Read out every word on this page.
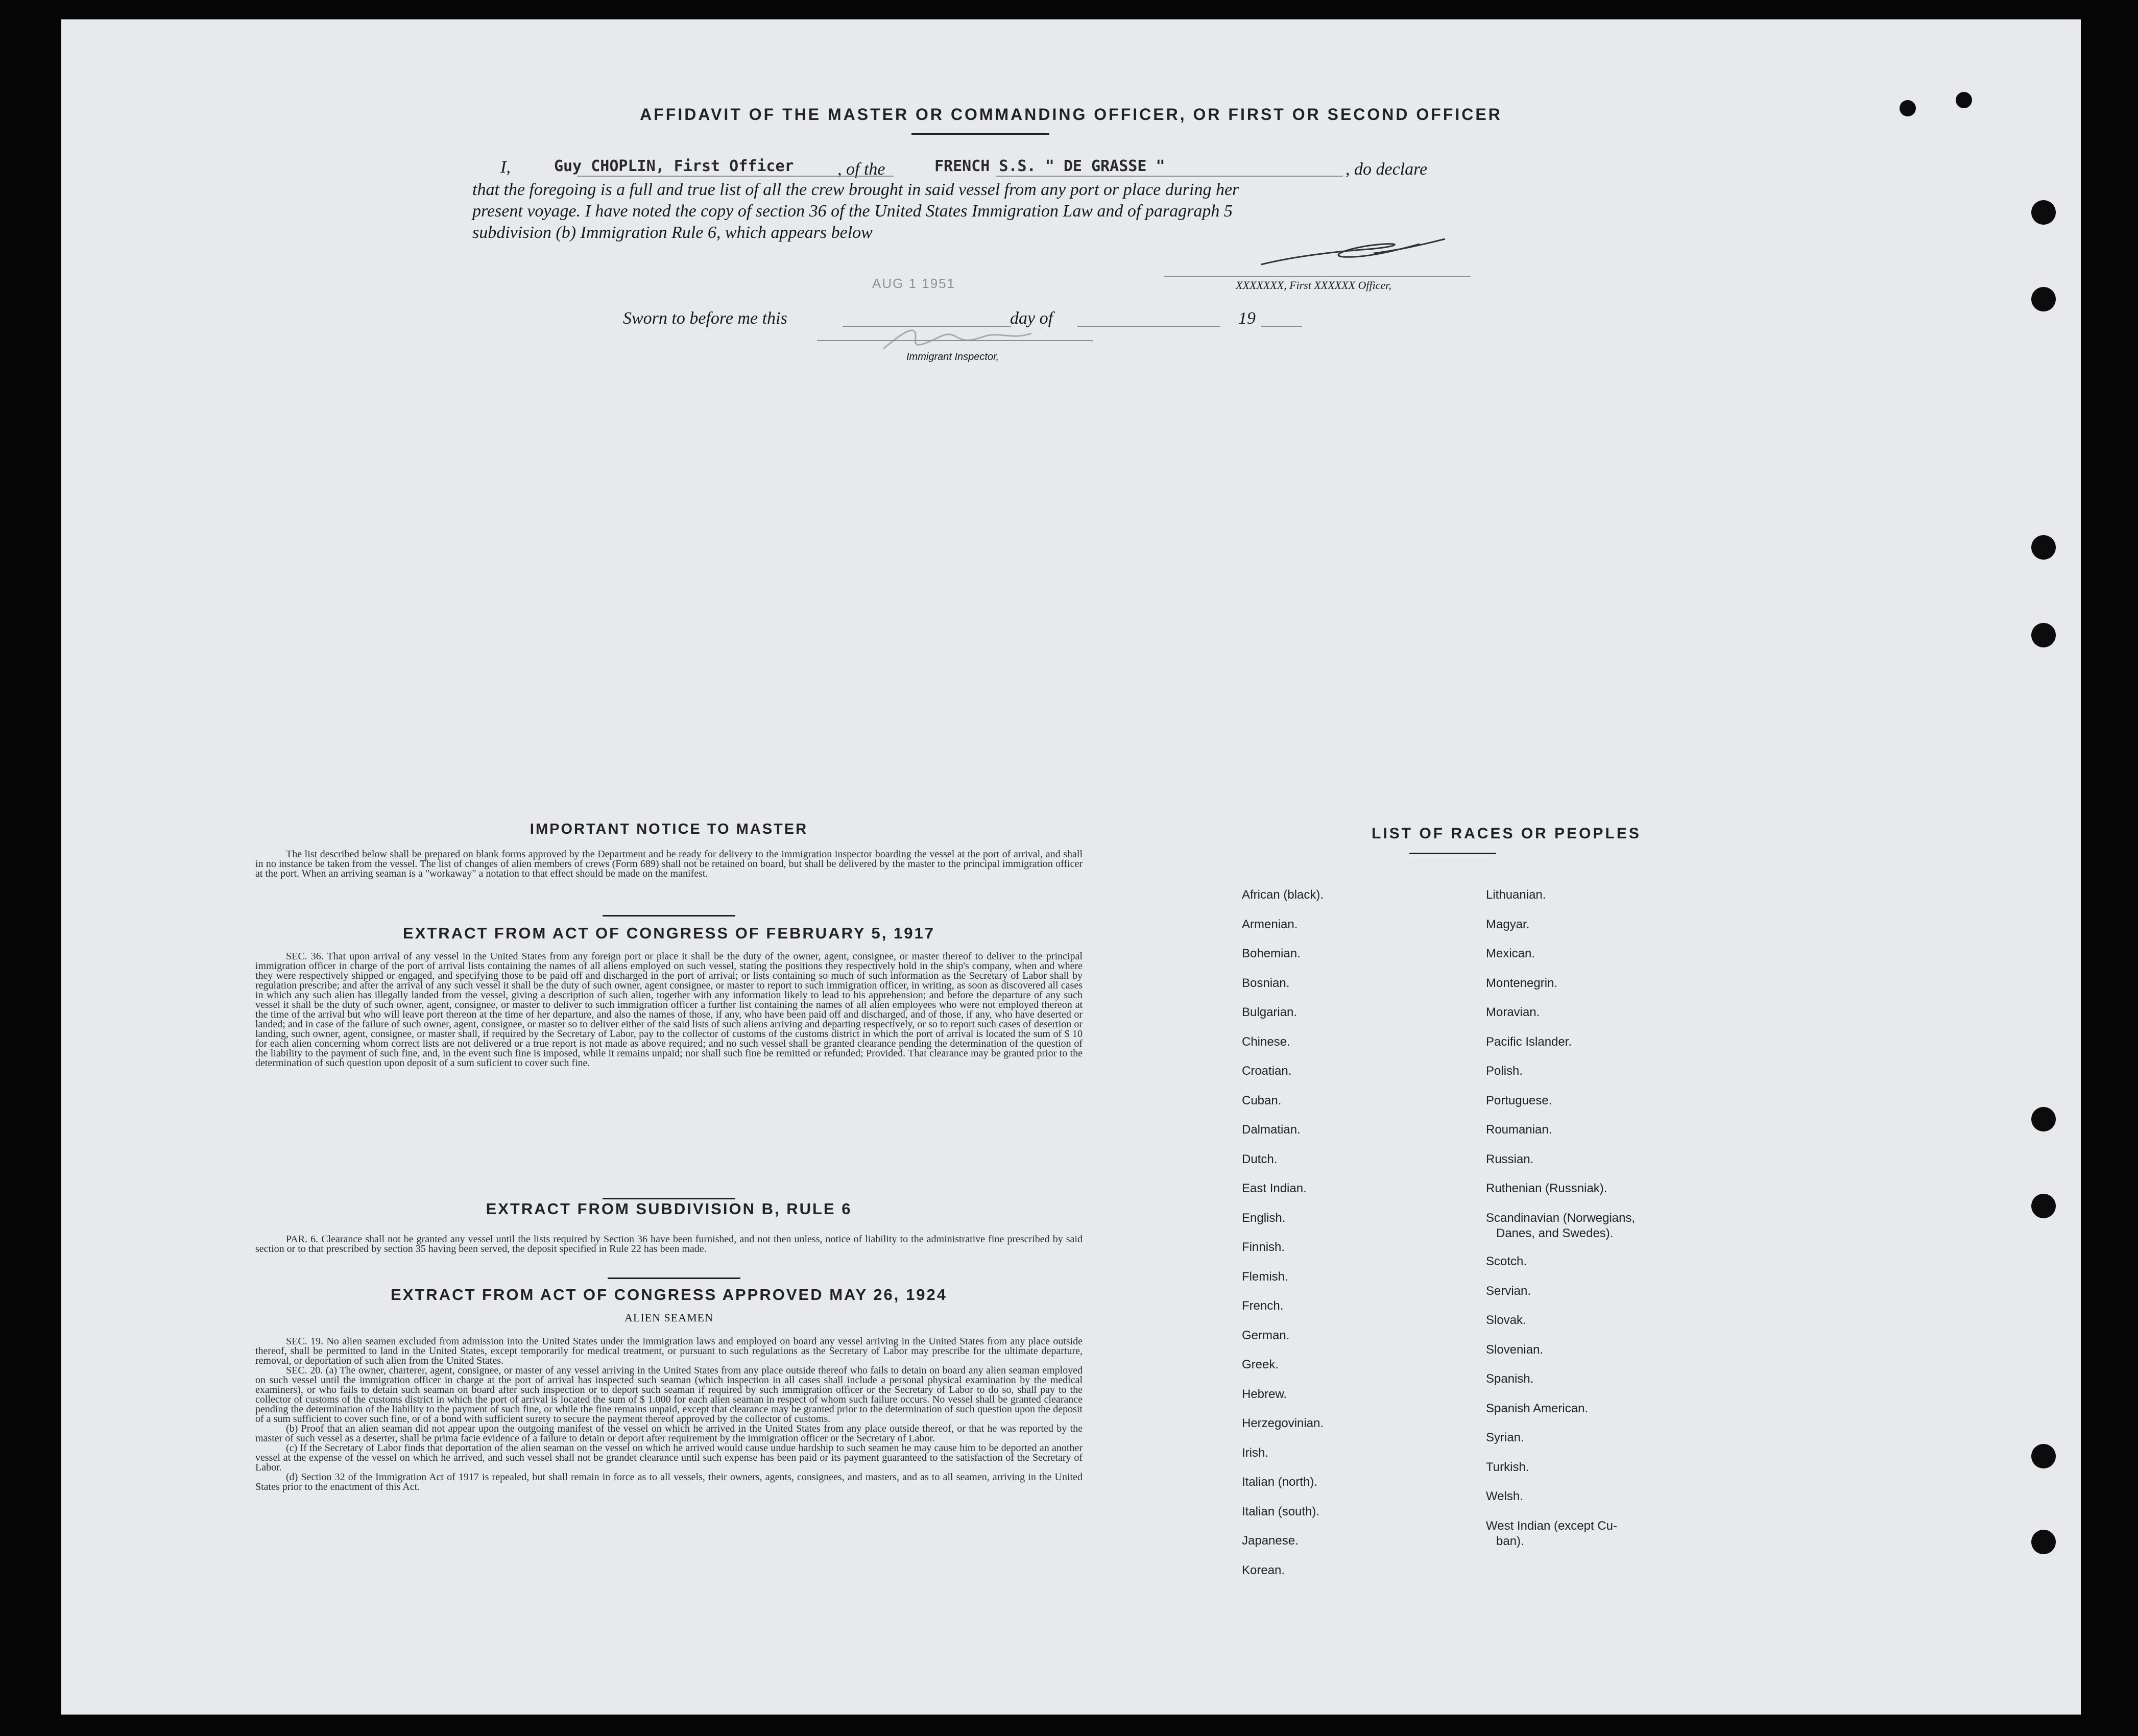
AFFIDAVIT OF THE MASTER OR COMMANDING OFFICER, OR FIRST OR SECOND OFFICER
I,	Guy CHOPLIN, First Officer	, of the	FRENCH S.S. " DE GRASSE "	, do declare
that the foregoing is a full and true list of all the crew brought in said vessel from any port or place during her
present voyage. I have noted the copy of section 36 of the United States Immigration Law and of paragraph 5
subdivision (b) Immigration Rule 6, which appears below
XXXXXXX, First XXXXXX Officer,
AUG 1 1951
Sworn to before me this	day of	19
Immigrant Inspector,
IMPORTANT NOTICE TO MASTER

The list described below shall be prepared on blank forms approved by the Department and be ready for delivery to the immigration inspector boarding the vessel at the port of arrival, and shall in no instance be taken from the vessel. The list of changes of alien members of crews (Form 689) shall not be retained on board, but shall be delivered by the master to the principal immigration officer at the port. When an arriving seaman is a "workaway" a notation to that effect should be made on the manifest.

EXTRACT FROM ACT OF CONGRESS OF FEBRUARY 5, 1917

SEC. 36. That upon arrival of any vessel in the United States from any foreign port or place it shall be the duty of the owner, agent, consignee, or master thereof to deliver to the principal immigration officer in charge of the port of arrival lists containing the names of all aliens employed on such vessel, stating the positions they respectively hold in the ship's company, when and where they were respectively shipped or engaged, and specifying those to be paid off and discharged in the port of arrival; or lists containing so much of such information as the Secretary of Labor shall by regulation prescribe; and after the arrival of any such vessel it shall be the duty of such owner, agent consignee, or master to report to such immigration officer, in writing, as soon as discovered all cases in which any such alien has illegally landed from the vessel, giving a description of such alien, together with any information likely to lead to his apprehension; and before the departure of any such vessel it shall be the duty of such owner, agent, consignee, or master to deliver to such immigration officer a further list containing the names of all alien employees who were not employed thereon at the time of the arrival but who will leave port thereon at the time of her departure, and also the names of those, if any, who have been paid off and discharged, and of those, if any, who have deserted or landed; and in case of the failure of such owner, agent, consignee, or master so to deliver either of the said lists of such aliens arriving and departing respectively, or so to report such cases of desertion or landing, such owner, agent, consignee, or master shall, if required by the Secretary of Labor, pay to the collector of customs of the customs district in which the port of arrival is located the sum of $ 10 for each alien concerning whom correct lists are not delivered or a true report is not made as above required; and no such vessel shall be granted clearance pending the determination of the question of the liability to the payment of such fine, and, in the event such fine is imposed, while it remains unpaid; nor shall such fine be remitted or refunded; Provided. That clearance may be granted prior to the determination of such question upon deposit of a sum suficient to cover such fine.

EXTRACT FROM SUBDIVISION B, RULE 6

PAR. 6. Clearance shall not be granted any vessel until the lists required by Section 36 have been furnished, and not then unless, notice of liability to the administrative fine prescribed by said section or to that prescribed by section 35 having been served, the deposit specified in Rule 22 has been made.

EXTRACT FROM ACT OF CONGRESS APPROVED MAY 26, 1924
ALIEN SEAMEN

SEC. 19. No alien seamen excluded from admission into the United States under the immigration laws and employed on board any vessel arriving in the United States from any place outside thereof, shall be permitted to land in the United States, except temporarily for medical treatment, or pursuant to such regulations as the Secretary of Labor may prescribe for the ultimate departure, removal, or deportation of such alien from the United States.

SEC. 20. (a) The owner, charterer, agent, consignee, or master of any vessel arriving in the United States from any place outside thereof who fails to detain on board any alien seaman employed on such vessel until the immigration officer in charge at the port of arrival has inspected such seaman (which inspection in all cases shall include a personal physical examination by the medical examiners), or who fails to detain such seaman on board after such inspection or to deport such seaman if required by such immigration officer or the Secretary of Labor to do so, shall pay to the collector of customs of the customs district in which the port of arrival is located the sum of $ 1.000 for each alien seaman in respect of whom such failure occurs. No vessel shall be granted clearance pending the determination of the liability to the payment of such fine, or while the fine remains unpaid, except that clearance may be granted prior to the determination of such question upon the deposit of a sum sufficient to cover such fine, or of a bond with sufficient surety to secure the payment thereof approved by the collector of customs.

(b) Proof that an alien seaman did not appear upon the outgoing manifest of the vessel on which he arrived in the United States from any place outside thereof, or that he was reported by the master of such vessel as a deserter, shall be prima facie evidence of a failure to detain or deport after requirement by the immigration officer or the Secretary of Labor.

(c) If the Secretary of Labor finds that deportation of the alien seaman on the vessel on which he arrived would cause undue hardship to such seamen he may cause him to be deported an another vessel at the expense of the vessel on which he arrived, and such vessel shall not be grandet clearance until such expense has been paid or its payment guaranteed to the satisfaction of the Secretary of Labor.

(d) Section 32 of the Immigration Act of 1917 is repealed, but shall remain in force as to all vessels, their owners, agents, consignees, and masters, and as to all seamen, arriving in the United States prior to the enactment of this Act.

LIST OF RACES OR PEOPLES
African (black).
Armenian.
Bohemian.
Bosnian.
Bulgarian.
Chinese.
Croatian.
Cuban.
Dalmatian.
Dutch.
East Indian.
English.
Finnish.
Flemish.
French.
German.
Greek.
Hebrew.
Herzegovinian.
Irish.
Italian (north).
Italian (south).
Japanese.
Korean.
Lithuanian.
Magyar.
Mexican.
Montenegrin.
Moravian.
Pacific Islander.
Polish.
Portuguese.
Roumanian.
Russian.
Ruthenian (Russniak).
Scandinavian (Norwegians,
Danes, and Swedes).
Scotch.
Servian.
Slovak.
Slovenian.
Spanish.
Spanish American.
Syrian.
Turkish.
Welsh.
West Indian (except Cu-
ban).
